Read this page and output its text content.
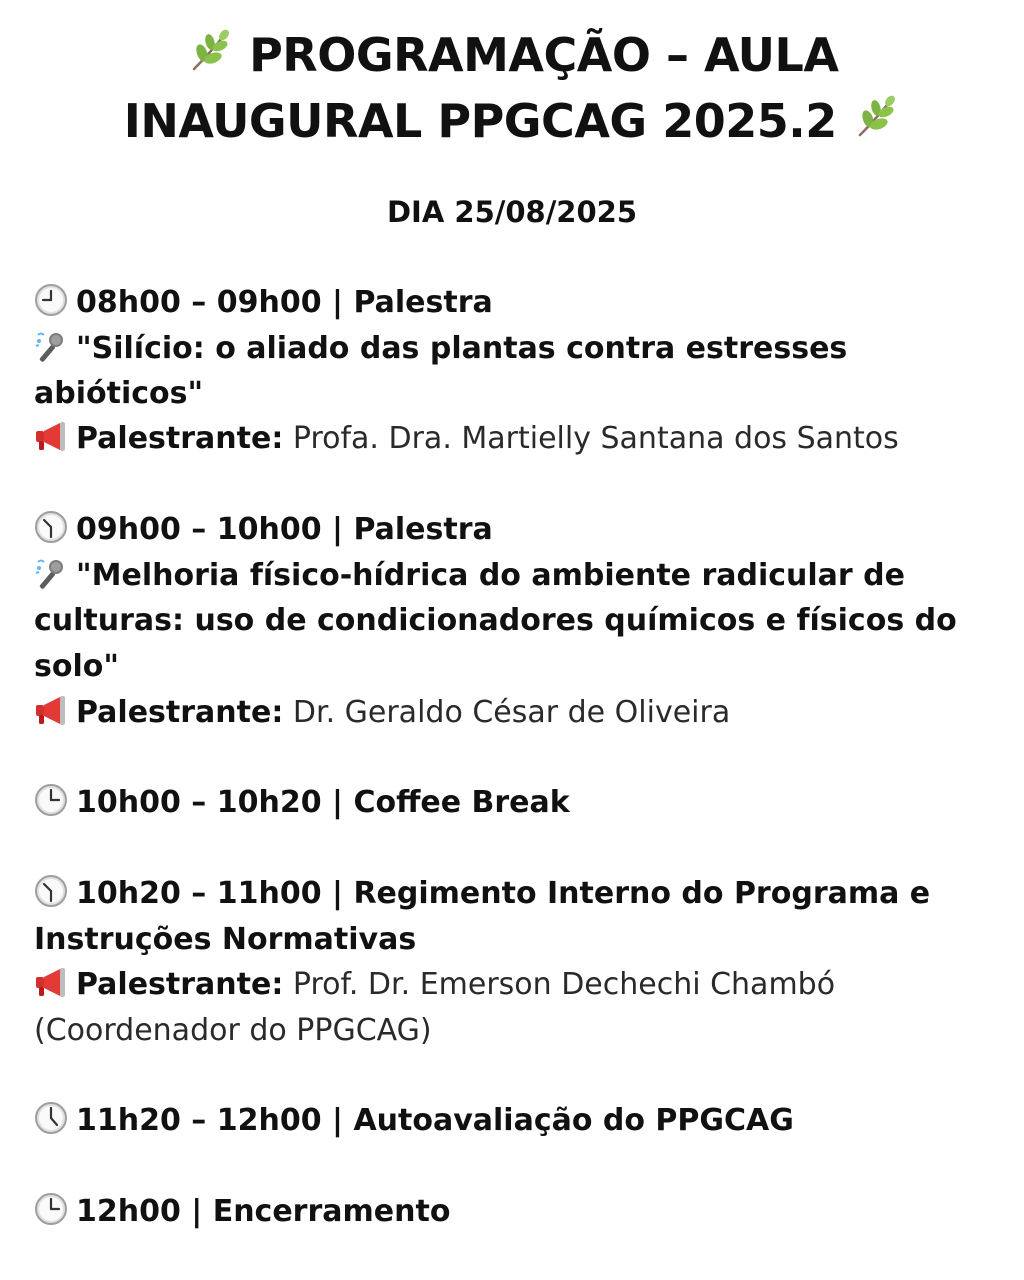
PROGRAMAÇÃO – AULA
INAUGURAL PPGCAG 2025.2
DIA 25/08/2025
08h00 – 09h00 | Palestra
"Silício: o aliado das plantas contra estresses
abióticos"
Palestrante: Profa. Dra. Martielly Santana dos Santos
09h00 – 10h00 | Palestra
"Melhoria físico-hídrica do ambiente radicular de
culturas: uso de condicionadores químicos e físicos do
solo"
Palestrante: Dr. Geraldo César de Oliveira
10h00 – 10h20 | Coffee Break
10h20 – 11h00 | Regimento Interno do Programa e
Instruções Normativas
Palestrante: Prof. Dr. Emerson Dechechi Chambó
(Coordenador do PPGCAG)
11h20 – 12h00 | Autoavaliação do PPGCAG
12h00 | Encerramento
